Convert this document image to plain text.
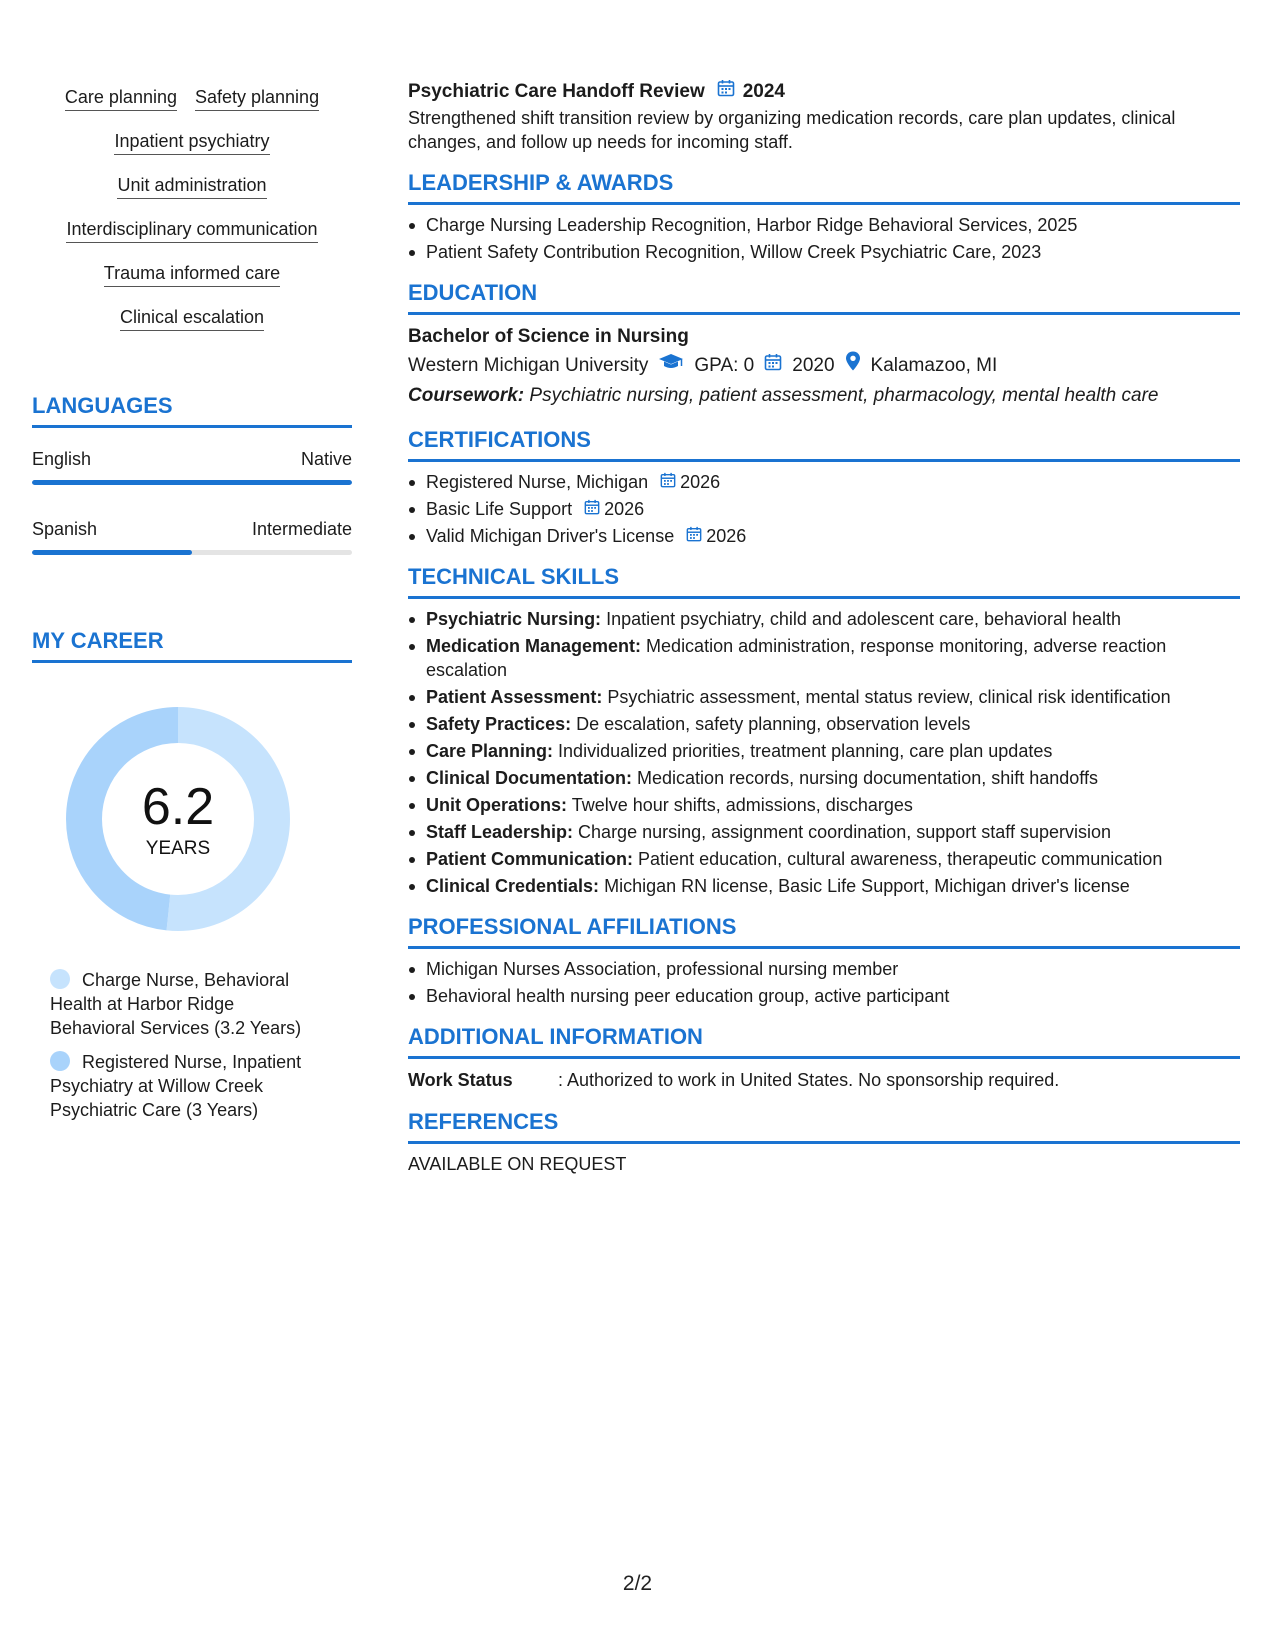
Care planning Safety planning
Inpatient psychiatry
Unit administration
Interdisciplinary communication
Trauma informed care
Clinical escalation
LANGUAGES
English	Native
Spanish	Intermediate
MY CAREER
6.2
YEARS
Charge Nurse, Behavioral Health at Harbor Ridge Behavioral Services (3.2 Years)
Registered Nurse, Inpatient Psychiatry at Willow Creek Psychiatric Care (3 Years)
Psychiatric Care Handoff Review 2024
Strengthened shift transition review by organizing medication records, care plan updates, clinical changes, and follow up needs for incoming staff.
LEADERSHIP & AWARDS
Charge Nursing Leadership Recognition, Harbor Ridge Behavioral Services, 2025
Patient Safety Contribution Recognition, Willow Creek Psychiatric Care, 2023
EDUCATION
Bachelor of Science in Nursing
Western Michigan University GPA: 0 2020 Kalamazoo, MI
Coursework: Psychiatric nursing, patient assessment, pharmacology, mental health care
CERTIFICATIONS
Registered Nurse, Michigan 2026
Basic Life Support 2026
Valid Michigan Driver's License 2026
TECHNICAL SKILLS
Psychiatric Nursing: Inpatient psychiatry, child and adolescent care, behavioral health
Medication Management: Medication administration, response monitoring, adverse reaction escalation
Patient Assessment: Psychiatric assessment, mental status review, clinical risk identification
Safety Practices: De escalation, safety planning, observation levels
Care Planning: Individualized priorities, treatment planning, care plan updates
Clinical Documentation: Medication records, nursing documentation, shift handoffs
Unit Operations: Twelve hour shifts, admissions, discharges
Staff Leadership: Charge nursing, assignment coordination, support staff supervision
Patient Communication: Patient education, cultural awareness, therapeutic communication
Clinical Credentials: Michigan RN license, Basic Life Support, Michigan driver's license
PROFESSIONAL AFFILIATIONS
Michigan Nurses Association, professional nursing member
Behavioral health nursing peer education group, active participant
ADDITIONAL INFORMATION
Work Status	: Authorized to work in United States. No sponsorship required.
REFERENCES
AVAILABLE ON REQUEST
2/2
